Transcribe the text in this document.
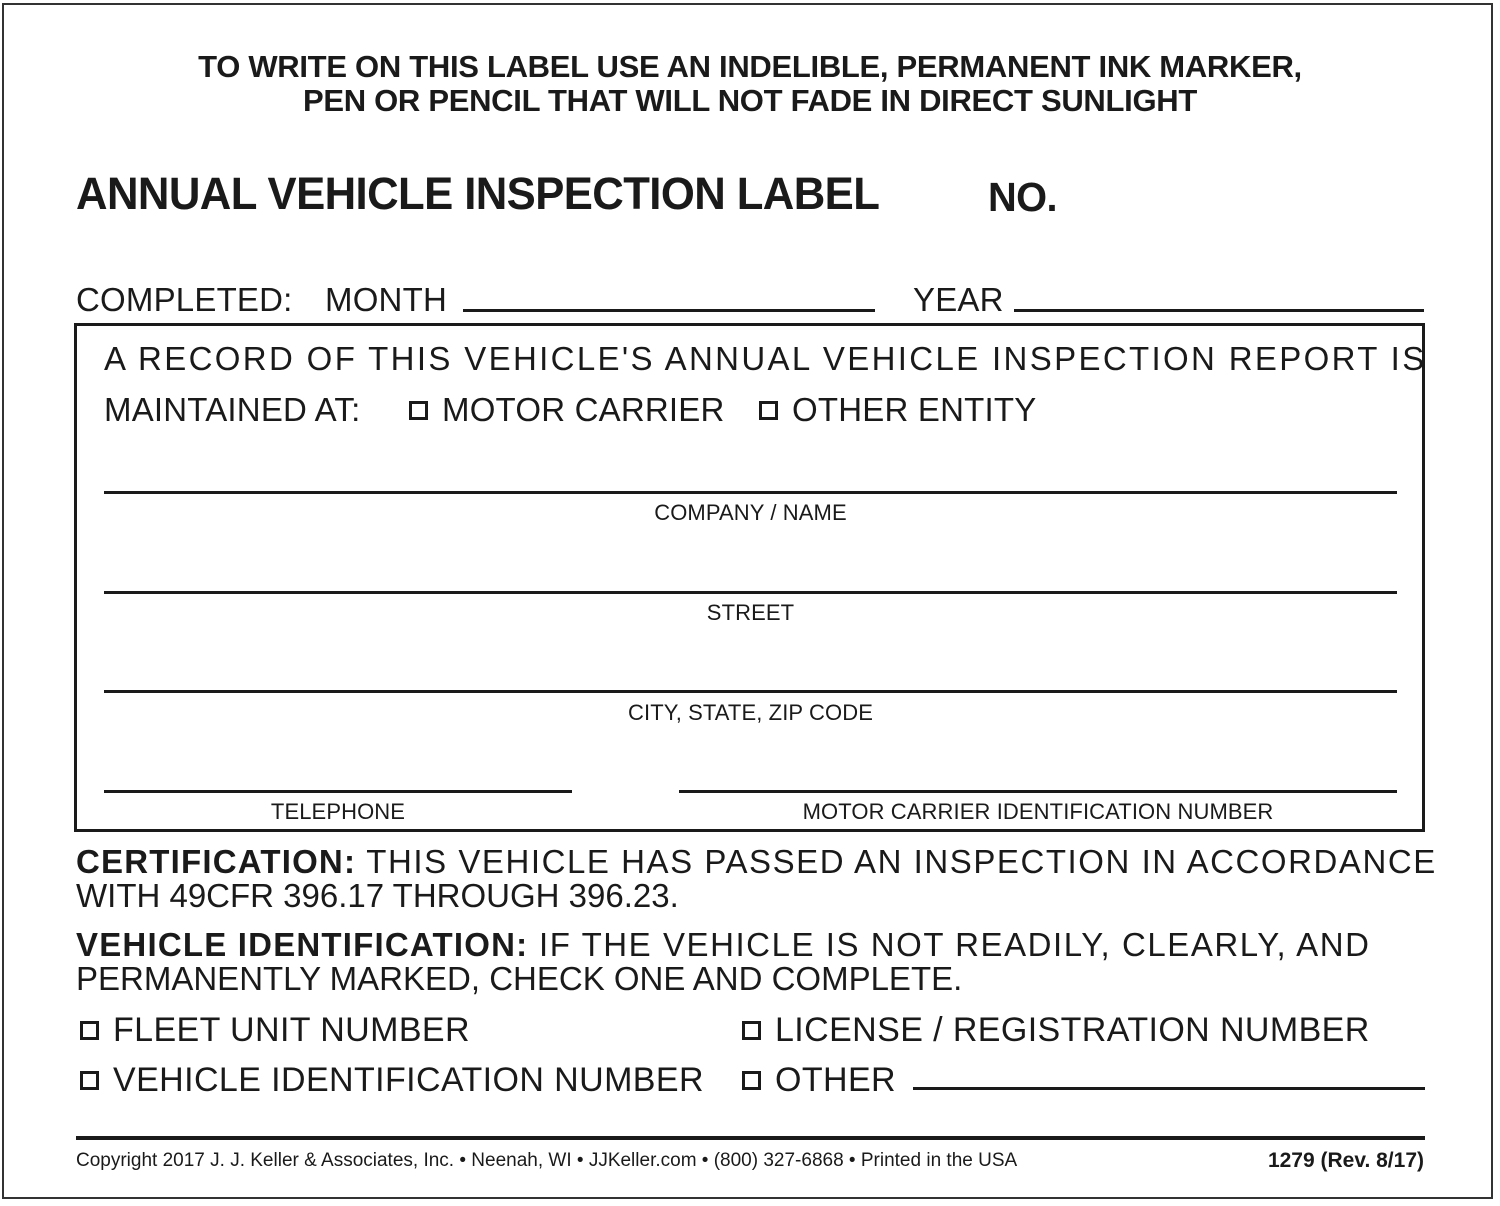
TO WRITE ON THIS LABEL USE AN INDELIBLE, PERMANENT INK MARKER,
PEN OR PENCIL THAT WILL NOT FADE IN DIRECT SUNLIGHT
ANNUAL VEHICLE INSPECTION LABEL	NO.
COMPLETED: MONTH	YEAR
A RECORD OF THIS VEHICLE'S ANNUAL VEHICLE INSPECTION REPORT IS
MAINTAINED AT:	MOTOR CARRIER	OTHER ENTITY
COMPANY / NAME
STREET
CITY, STATE, ZIP CODE
TELEPHONE	MOTOR CARRIER IDENTIFICATION NUMBER
CERTIFICATION: THIS VEHICLE HAS PASSED AN INSPECTION IN ACCORDANCE
WITH 49CFR 396.17 THROUGH 396.23.
VEHICLE IDENTIFICATION: IF THE VEHICLE IS NOT READILY, CLEARLY, AND
PERMANENTLY MARKED, CHECK ONE AND COMPLETE.
FLEET UNIT NUMBER	LICENSE / REGISTRATION NUMBER
VEHICLE IDENTIFICATION NUMBER	OTHER
Copyright 2017 J. J. Keller & Associates, Inc. • Neenah, WI • JJKeller.com • (800) 327-6868 • Printed in the USA	1279 (Rev. 8/17)
